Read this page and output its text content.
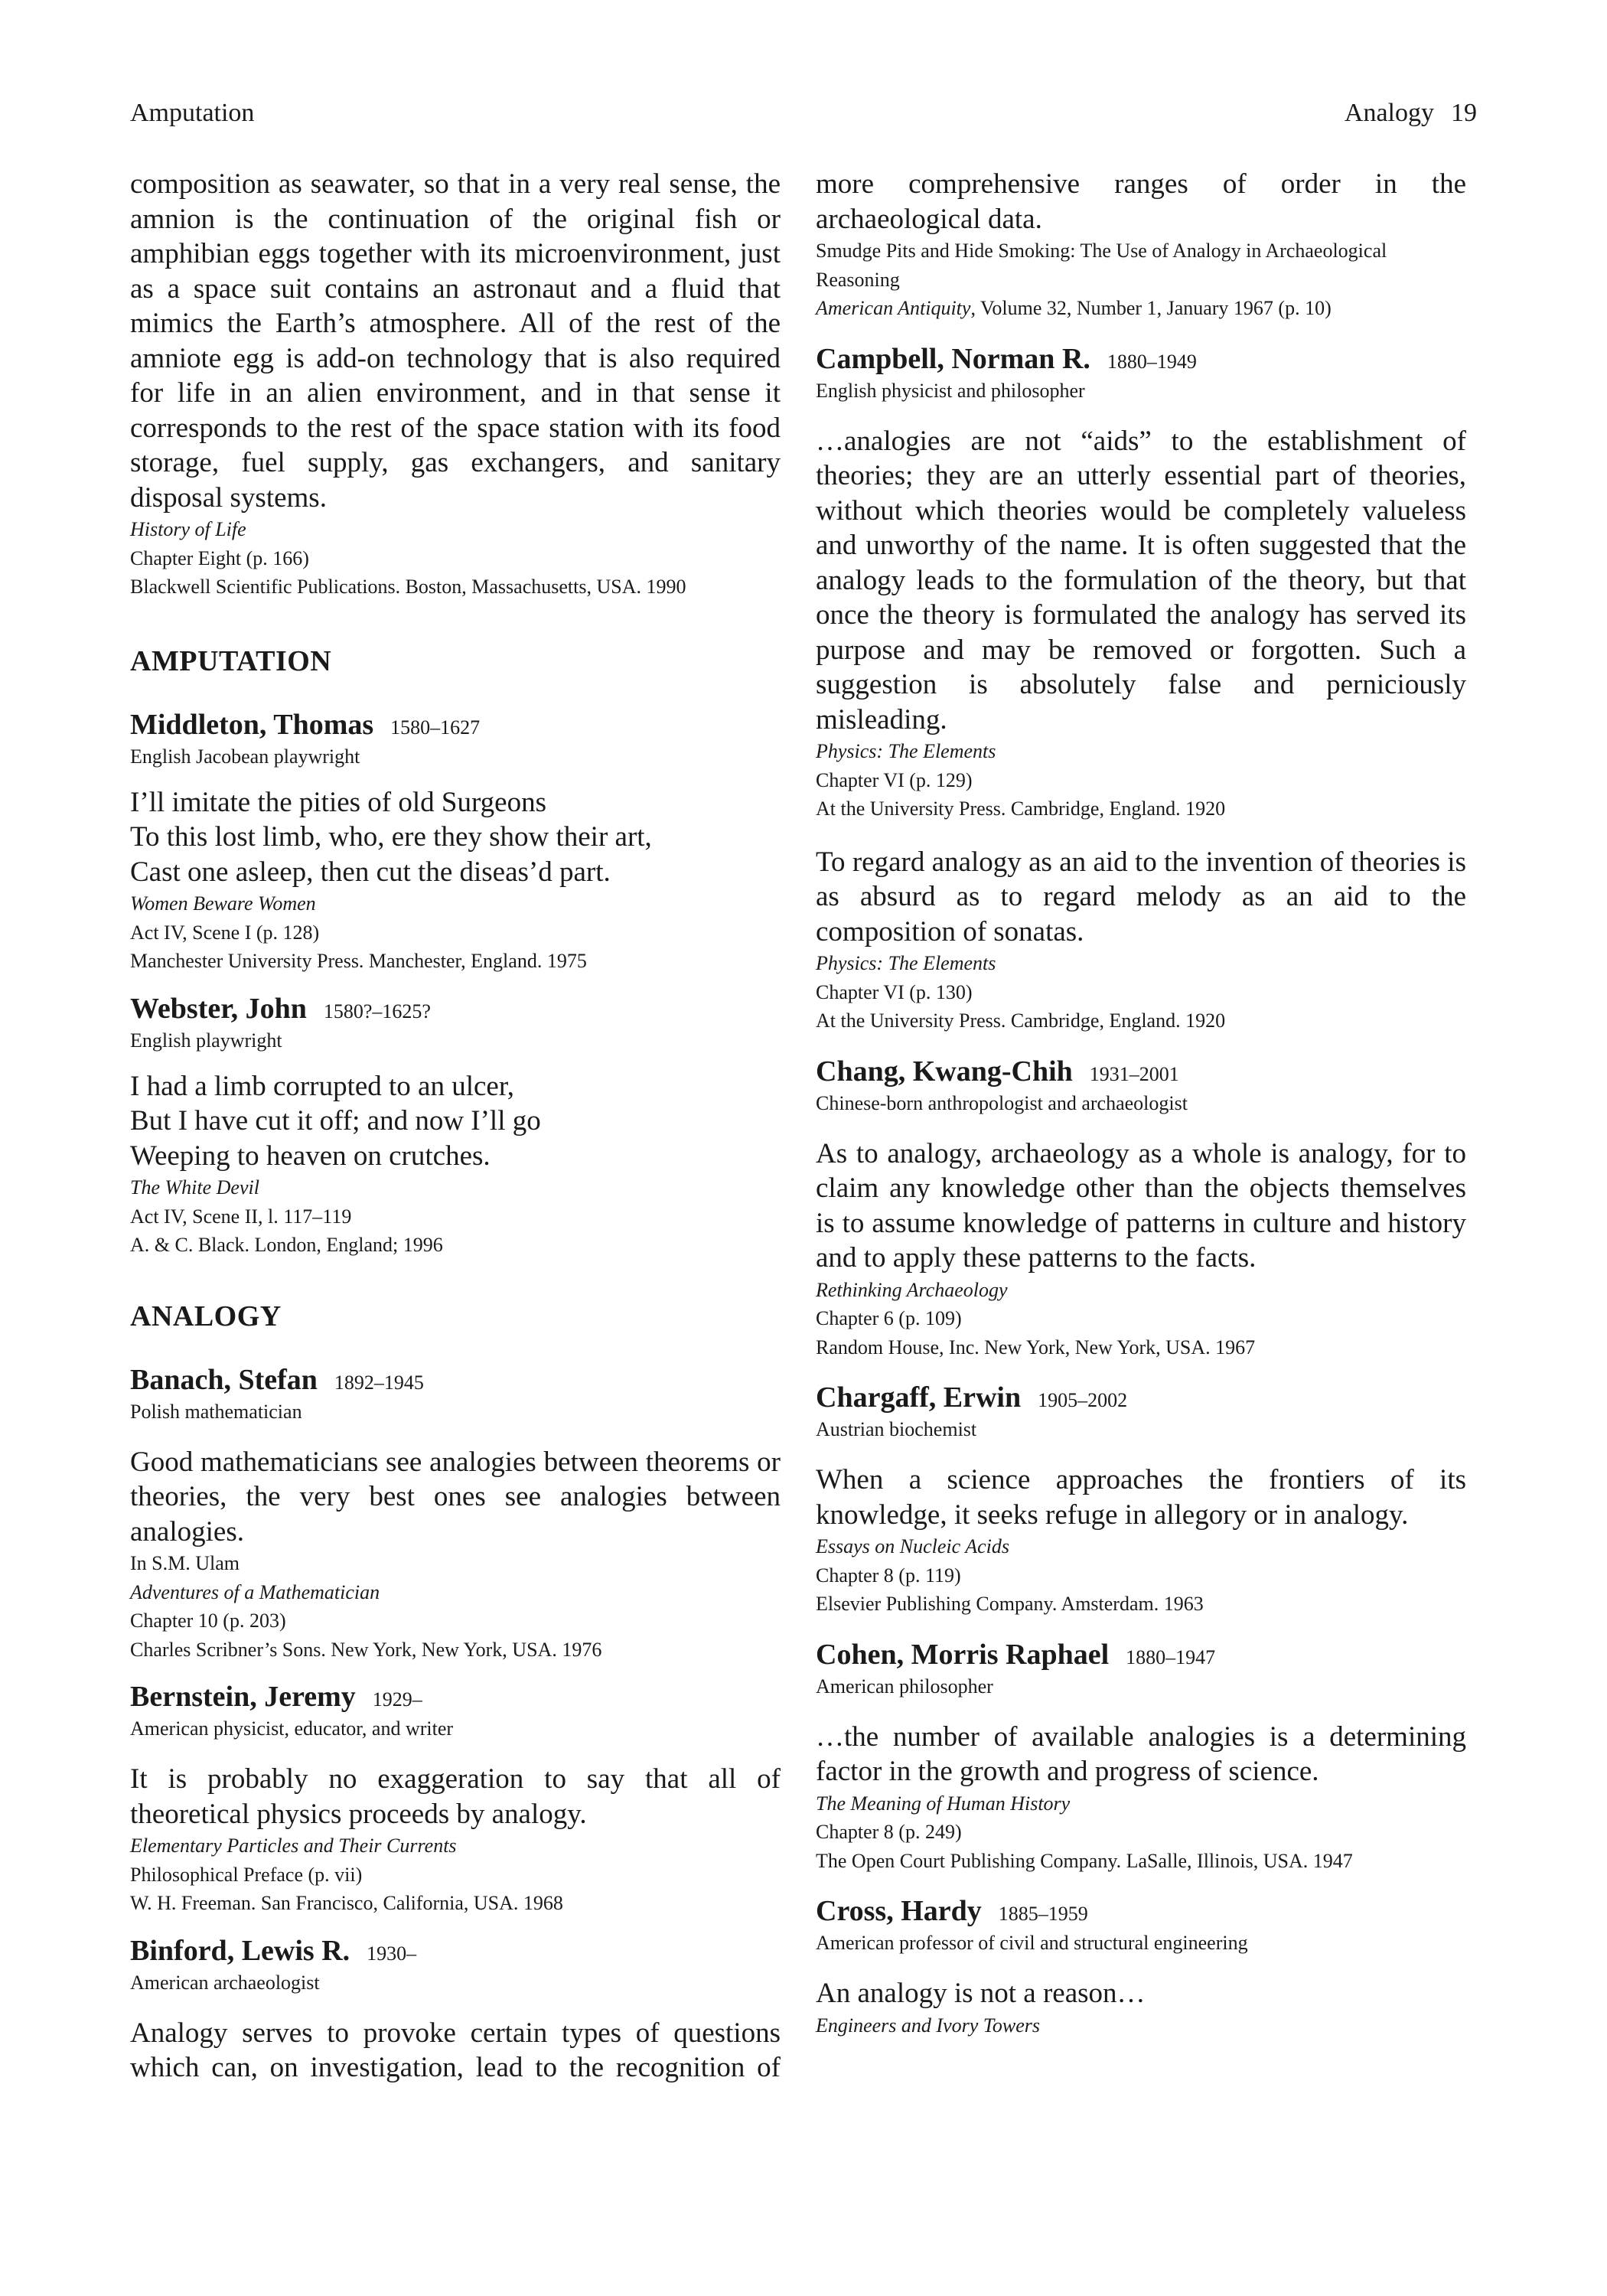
Amputation	Analogy 19

composition as seawater, so that in a very real sense, the amnion is the continuation of the original fish or amphibian eggs together with its microenvironment, just as a space suit contains an astronaut and a fluid that mimics the Earth’s atmosphere. All of the rest of the amniote egg is add-on technology that is also required for life in an alien environment, and in that sense it corresponds to the rest of the space station with its food storage, fuel supply, gas exchangers, and sanitary disposal systems.

History of Life

Chapter Eight (p. 166)

Blackwell Scientific Publications. Boston, Massachusetts, USA. 1990

AMPUTATION
Middleton, Thomas 1580–1627
English Jacobean playwright

I’ll imitate the pities of old Surgeons
To this lost limb, who, ere they show their art,
Cast one asleep, then cut the diseas’d part.

Women Beware Women

Act IV, Scene I (p. 128)

Manchester University Press. Manchester, England. 1975

Webster, John 1580?–1625?
English playwright

I had a limb corrupted to an ulcer,
But I have cut it off; and now I’ll go
Weeping to heaven on crutches.

The White Devil

Act IV, Scene II, l. 117–119

A. & C. Black. London, England; 1996

ANALOGY
Banach, Stefan 1892–1945
Polish mathematician

Good mathematicians see analogies between theorems or theories, the very best ones see analogies between analogies.

In S.M. Ulam

Adventures of a Mathematician

Chapter 10 (p. 203)

Charles Scribner’s Sons. New York, New York, USA. 1976

Bernstein, Jeremy 1929–
American physicist, educator, and writer

It is probably no exaggeration to say that all of theoretical physics proceeds by analogy.

Elementary Particles and Their Currents

Philosophical Preface (p. vii)

W. H. Freeman. San Francisco, California, USA. 1968

Binford, Lewis R. 1930–
American archaeologist

Analogy serves to provoke certain types of questions which can, on investigation, lead to the recognition of

more comprehensive ranges of order in the archaeological data.

Smudge Pits and Hide Smoking: The Use of Analogy in Archaeological Reasoning

American Antiquity, Volume 32, Number 1, January 1967 (p. 10)

Campbell, Norman R. 1880–1949
English physicist and philosopher

…analogies are not “aids” to the establishment of theories; they are an utterly essential part of theories, without which theories would be completely valueless and unworthy of the name. It is often suggested that the analogy leads to the formulation of the theory, but that once the theory is formulated the analogy has served its purpose and may be removed or forgotten. Such a suggestion is absolutely false and perniciously misleading.

Physics: The Elements

Chapter VI (p. 129)

At the University Press. Cambridge, England. 1920

To regard analogy as an aid to the invention of theories is as absurd as to regard melody as an aid to the composition of sonatas.

Physics: The Elements

Chapter VI (p. 130)

At the University Press. Cambridge, England. 1920

Chang, Kwang-Chih 1931–2001
Chinese-born anthropologist and archaeologist

As to analogy, archaeology as a whole is analogy, for to claim any knowledge other than the objects themselves is to assume knowledge of patterns in culture and history and to apply these patterns to the facts.

Rethinking Archaeology

Chapter 6 (p. 109)

Random House, Inc. New York, New York, USA. 1967

Chargaff, Erwin 1905–2002
Austrian biochemist

When a science approaches the frontiers of its knowledge, it seeks refuge in allegory or in analogy.

Essays on Nucleic Acids

Chapter 8 (p. 119)

Elsevier Publishing Company. Amsterdam. 1963

Cohen, Morris Raphael 1880–1947
American philosopher

…the number of available analogies is a determining factor in the growth and progress of science.

The Meaning of Human History

Chapter 8 (p. 249)

The Open Court Publishing Company. LaSalle, Illinois, USA. 1947

Cross, Hardy 1885–1959
American professor of civil and structural engineering

An analogy is not a reason…

Engineers and Ivory Towers
